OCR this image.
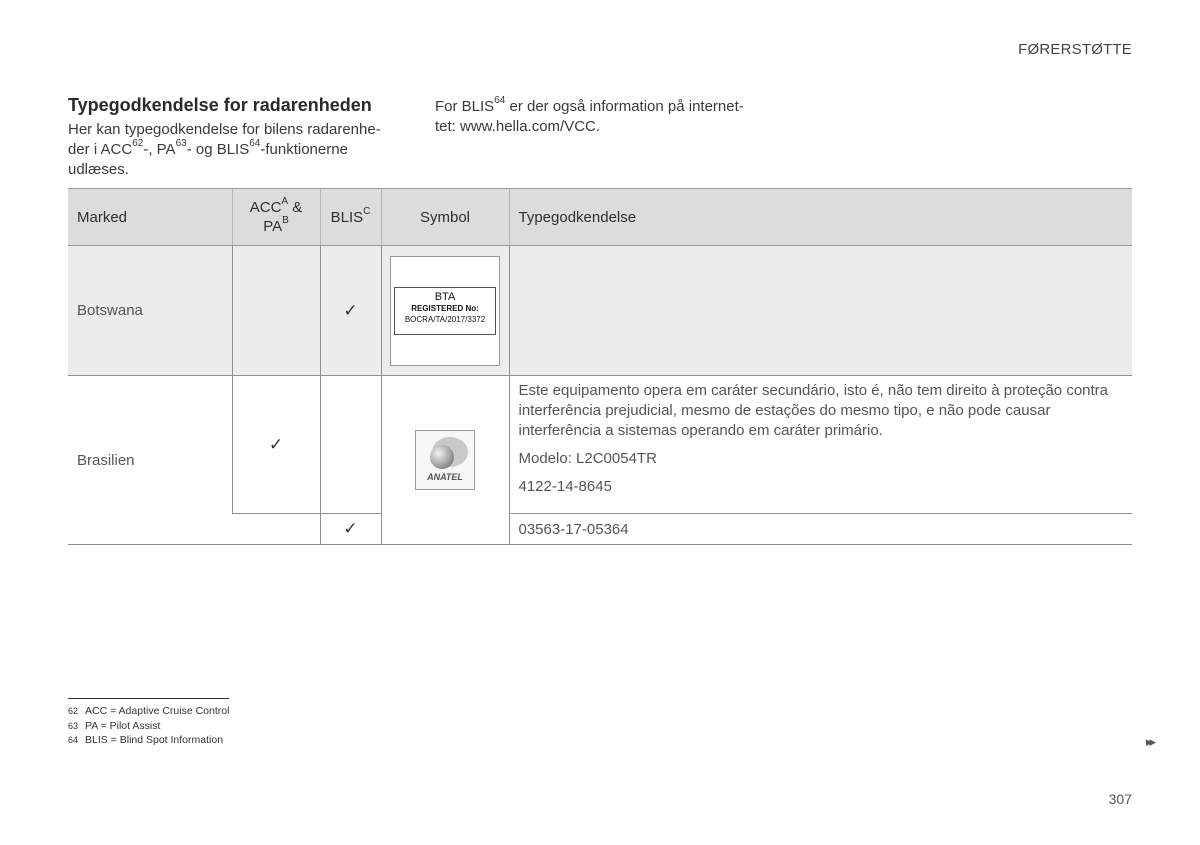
FØRERSTØTTE
Typegodkendelse for radarenheden
Her kan typegodkendelse for bilens radarenhe-
der i ACC$^{62}$-, PA$^{63}$- og BLIS$^{64}$-funktionerne
udlæses.
For BLIS$^{64}$ er der også information på internet-
tet: www.hella.com/VCC.
Marked	$ACC^A$ &
$PA^B$	$BLIS^C$	Symbol	Typegodkendelse
Botswana		✓	BTA
REGISTERED No:
BOCRA/TA/2017/3372	

Brasilien	✓		ANATEL	Este equipamento opera em caráter secundário, isto é, não tem direito à proteção contra interferência prejudicial, mesmo de estações do mesmo tipo, e não pode causar interferência a sistemas operando em caráter primário.

Modelo: L2C0054TR

4122-14-8645

		✓		03563-17-05364
62 ACC = Adaptive Cruise Control
63 PA = Pilot Assist
64 BLIS = Blind Spot Information	▸▸
307
